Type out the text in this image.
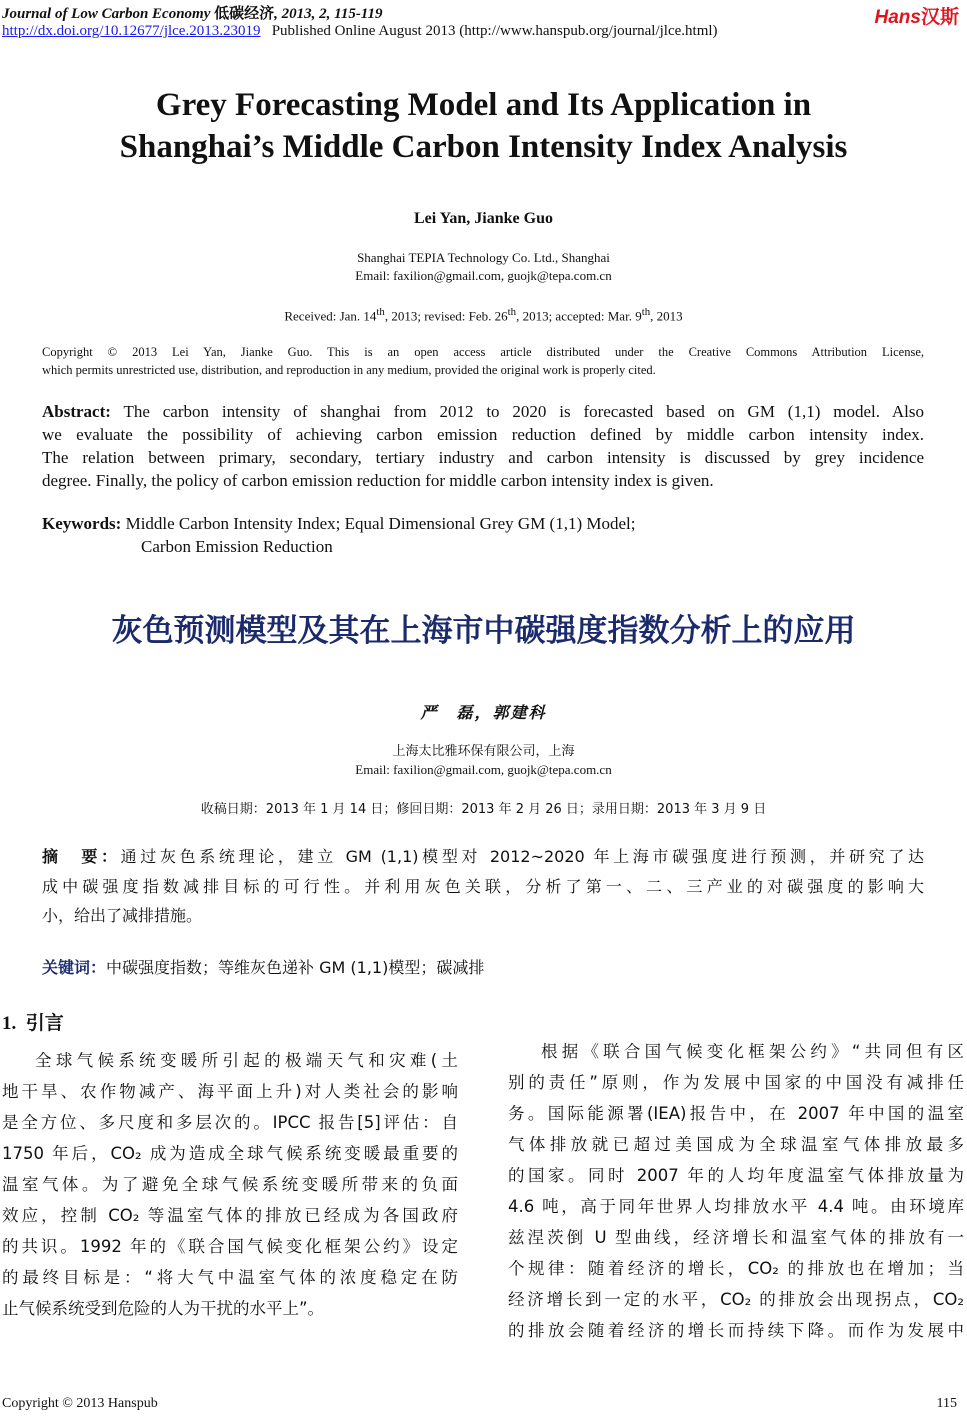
Journal of Low Carbon Economy 低碳经济, 2013, 2, 115-119
http://dx.doi.org/10.12677/jlce.2013.23019 Published Online August 2013 (http://www.hanspub.org/journal/jlce.html)
Hans汉斯
Grey Forecasting Model and Its Application in
Shanghai’s Middle Carbon Intensity Index Analysis
Lei Yan, Jianke Guo
Shanghai TEPIA Technology Co. Ltd., Shanghai
Email: faxilion@gmail.com, guojk@tepa.com.cn
Received: Jan. 14th, 2013; revised: Feb. 26th, 2013; accepted: Mar. 9th, 2013
Copyright © 2013 Lei Yan, Jianke Guo. This is an open access article distributed under the Creative Commons Attribution License,
which permits unrestricted use, distribution, and reproduction in any medium, provided the original work is properly cited.
Abstract: The carbon intensity of shanghai from 2012 to 2020 is forecasted based on GM (1,1) model. Also
we evaluate the possibility of achieving carbon emission reduction defined by middle carbon intensity index.
The relation between primary, secondary, tertiary industry and carbon intensity is discussed by grey incidence
degree. Finally, the policy of carbon emission reduction for middle carbon intensity index is given.
Keywords: Middle Carbon Intensity Index; Equal Dimensional Grey GM (1,1) Model;
Carbon Emission Reduction
灰色预测模型及其在上海市中碳强度指数分析上的应用
严　磊，郭建科
上海太比雅环保有限公司，上海
Email: faxilion@gmail.com, guojk@tepa.com.cn
收稿日期：2013 年 1 月 14 日；修回日期：2013 年 2 月 26 日；录用日期：2013 年 3 月 9 日
摘　要：通过灰色系统理论，建立 GM (1,1)模型对 2012~2020 年上海市碳强度进行预测，并研究了达
成中碳强度指数减排目标的可行性。并利用灰色关联，分析了第一、二、三产业的对碳强度的影响大
小，给出了减排措施。
关键词：中碳强度指数；等维灰色递补 GM (1,1)模型；碳减排
1. 引言
全球气候系统变暖所引起的极端天气和灾难(土
地干旱、农作物减产、海平面上升)对人类社会的影响
是全方位、多尺度和多层次的。IPCC 报告[5]评估：自
1750 年后，CO₂ 成为造成全球气候系统变暖最重要的
温室气体。为了避免全球气候系统变暖所带来的负面
效应，控制 CO₂ 等温室气体的排放已经成为各国政府
的共识。1992 年的《联合国气候变化框架公约》设定
的最终目标是：“将大气中温室气体的浓度稳定在防
止气候系统受到危险的人为干扰的水平上”。
根据《联合国气候变化框架公约》“共同但有区
别的责任”原则，作为发展中国家的中国没有减排任
务。国际能源署(IEA)报告中，在 2007 年中国的温室
气体排放就已超过美国成为全球温室气体排放最多
的国家。同时 2007 年的人均年度温室气体排放量为
4.6 吨，高于同年世界人均排放水平 4.4 吨。由环境库
兹涅茨倒 U 型曲线，经济增长和温室气体的排放有一
个规律：随着经济的增长，CO₂ 的排放也在增加；当
经济增长到一定的水平，CO₂ 的排放会出现拐点，CO₂
的排放会随着经济的增长而持续下降。而作为发展中
Copyright © 2013 Hanspub	115
